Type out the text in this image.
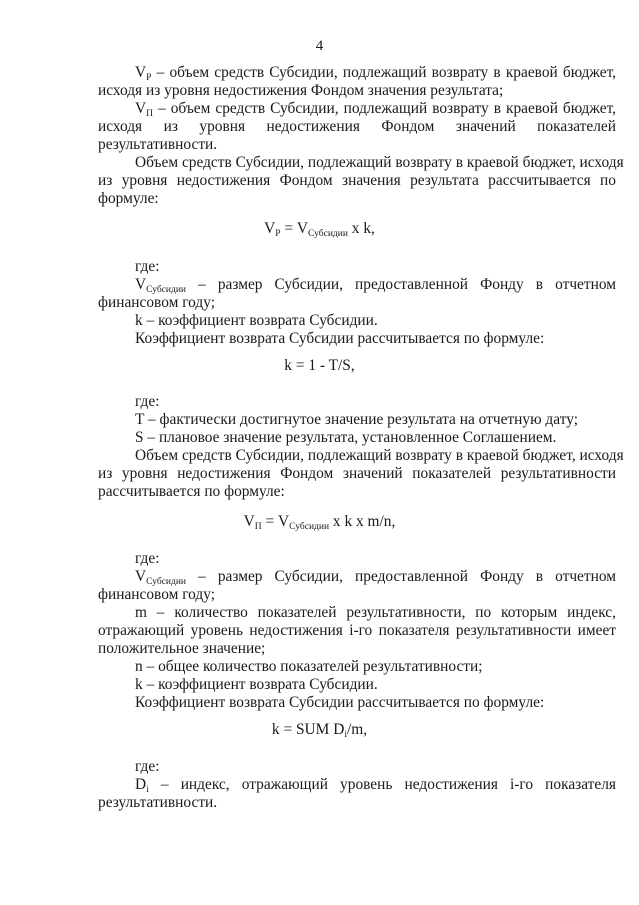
4
$V_Р$ – объем средств Субсидии, подлежащий возврату в краевой бюджет,
исходя из уровня недостижения Фондом значения результата;
$V_П$ – объем средств Субсидии, подлежащий возврату в краевой бюджет,
исходя из уровня недостижения Фондом значений показателей
результативности.
Объем средств Субсидии, подлежащий возврату в краевой бюджет, исходя
из уровня недостижения Фондом значения результата рассчитывается по
формуле:
$V_Р = V_{Субсидии}$ x k,
где:
$V_{Субсидии}$ – размер Субсидии, предоставленной Фонду в отчетном
финансовом году;
k – коэффициент возврата Субсидии.
Коэффициент возврата Субсидии рассчитывается по формуле:
k = 1 - T/S,
где:
T – фактически достигнутое значение результата на отчетную дату;
S – плановое значение результата, установленное Соглашением.
Объем средств Субсидии, подлежащий возврату в краевой бюджет, исходя
из уровня недостижения Фондом значений показателей результативности
рассчитывается по формуле:
$V_П = V_{Субсидии}$ x k x m/n,
где:
$V_{Субсидии}$ – размер Субсидии, предоставленной Фонду в отчетном
финансовом году;
m – количество показателей результативности, по которым индекс,
отражающий уровень недостижения i-го показателя результативности имеет
положительное значение;
n – общее количество показателей результативности;
k – коэффициент возврата Субсидии.
Коэффициент возврата Субсидии рассчитывается по формуле:
k = SUM $D_i/m$,
где:
$D_i$ – индекс, отражающий уровень недостижения i-го показателя
результативности.
